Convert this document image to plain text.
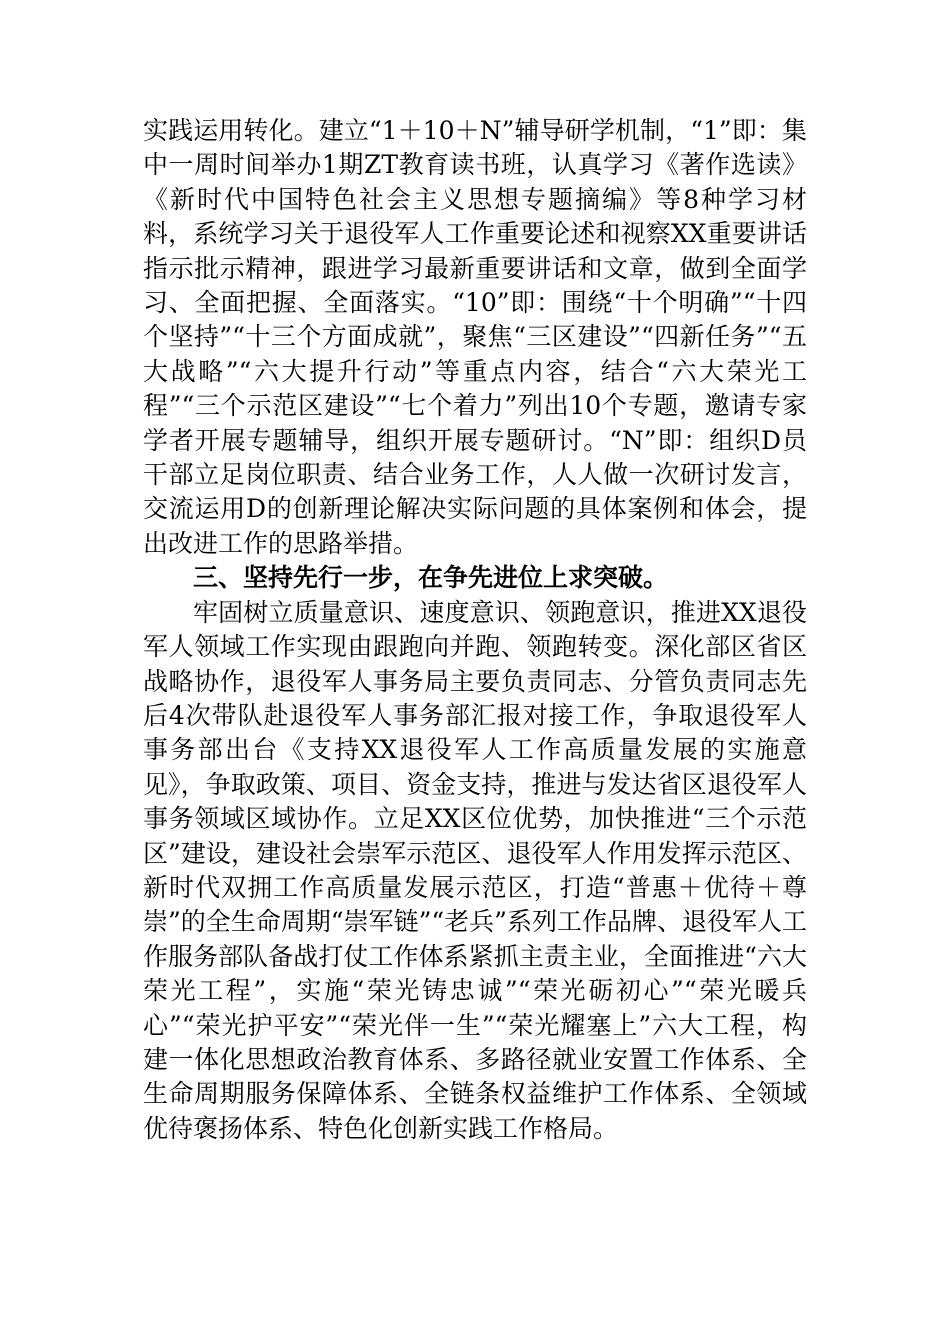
实践运用转化。建立“1＋10＋N”辅导研学机制，“1”即：集中一周时间举办1期ZT教育读书班，认真学习《著作选读》《新时代中国特色社会主义思想专题摘编》等8种学习材料，系统学习关于退役军人工作重要论述和视察XX重要讲话指示批示精神，跟进学习最新重要讲话和文章，做到全面学习、全面把握、全面落实。“10”即：围绕“十个明确”“十四个坚持”“十三个方面成就”，聚焦“三区建设”“四新任务”“五大战略”“六大提升行动”等重点内容，结合“六大荣光工程”“三个示范区建设”“七个着力”列出10个专题，邀请专家学者开展专题辅导，组织开展专题研讨。“N”即：组织D员干部立足岗位职责、结合业务工作，人人做一次研讨发言，交流运用D的创新理论解决实际问题的具体案例和体会，提出改进工作的思路举措。

三、坚持先行一步，在争先进位上求突破。

牢固树立质量意识、速度意识、领跑意识，推进XX退役军人领域工作实现由跟跑向并跑、领跑转变。深化部区省区战略协作，退役军人事务局主要负责同志、分管负责同志先后4次带队赴退役军人事务部汇报对接工作，争取退役军人事务部出台《支持XX退役军人工作高质量发展的实施意见》，争取政策、项目、资金支持，推进与发达省区退役军人事务领域区域协作。立足XX区位优势，加快推进“三个示范区”建设，建设社会崇军示范区、退役军人作用发挥示范区、新时代双拥工作高质量发展示范区，打造“普惠＋优待＋尊崇”的全生命周期“崇军链”“老兵”系列工作品牌、退役军人工作服务部队备战打仗工作体系紧抓主责主业，全面推进“六大荣光工程”，实施“荣光铸忠诚”“荣光砺初心”“荣光暖兵心”“荣光护平安”“荣光伴一生”“荣光耀塞上”六大工程，构建一体化思想政治教育体系、多路径就业安置工作体系、全生命周期服务保障体系、全链条权益维护工作体系、全领域优待褒扬体系、特色化创新实践工作格局。
